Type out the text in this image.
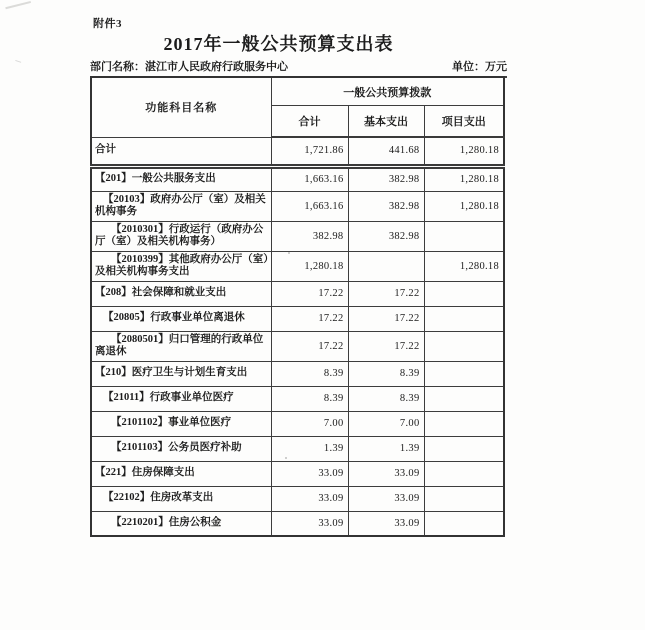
附件3
2017年一般公共预算支出表
部门名称：湛江市人民政府行政服务中心	单位：万元
功能科目名称	一般公共预算拨款		
	合计	基本支出	项目支出
合计	1,721.86	441.68	1,280.18
【201】一般公共服务支出	1,663.16	382.98	1,280.18
【20103】政府办公厅（室）及相关机构事务	1,663.16	382.98	1,280.18
【2010301】行政运行（政府办公厅（室）及相关机构事务）	382.98	382.98	
【2010399】其他政府办公厅（室）及相关机构事务支出	1,280.18		1,280.18
【208】社会保障和就业支出	17.22	17.22	
【20805】行政事业单位离退休	17.22	17.22	
【2080501】归口管理的行政单位离退休	17.22	17.22	
【210】医疗卫生与计划生育支出	8.39	8.39	
【21011】行政事业单位医疗	8.39	8.39	
【2101102】事业单位医疗	7.00	7.00	
【2101103】公务员医疗补助	1.39	1.39	
【221】住房保障支出	33.09	33.09	
【22102】住房改革支出	33.09	33.09	
【2210201】住房公积金	33.09	33.09	
